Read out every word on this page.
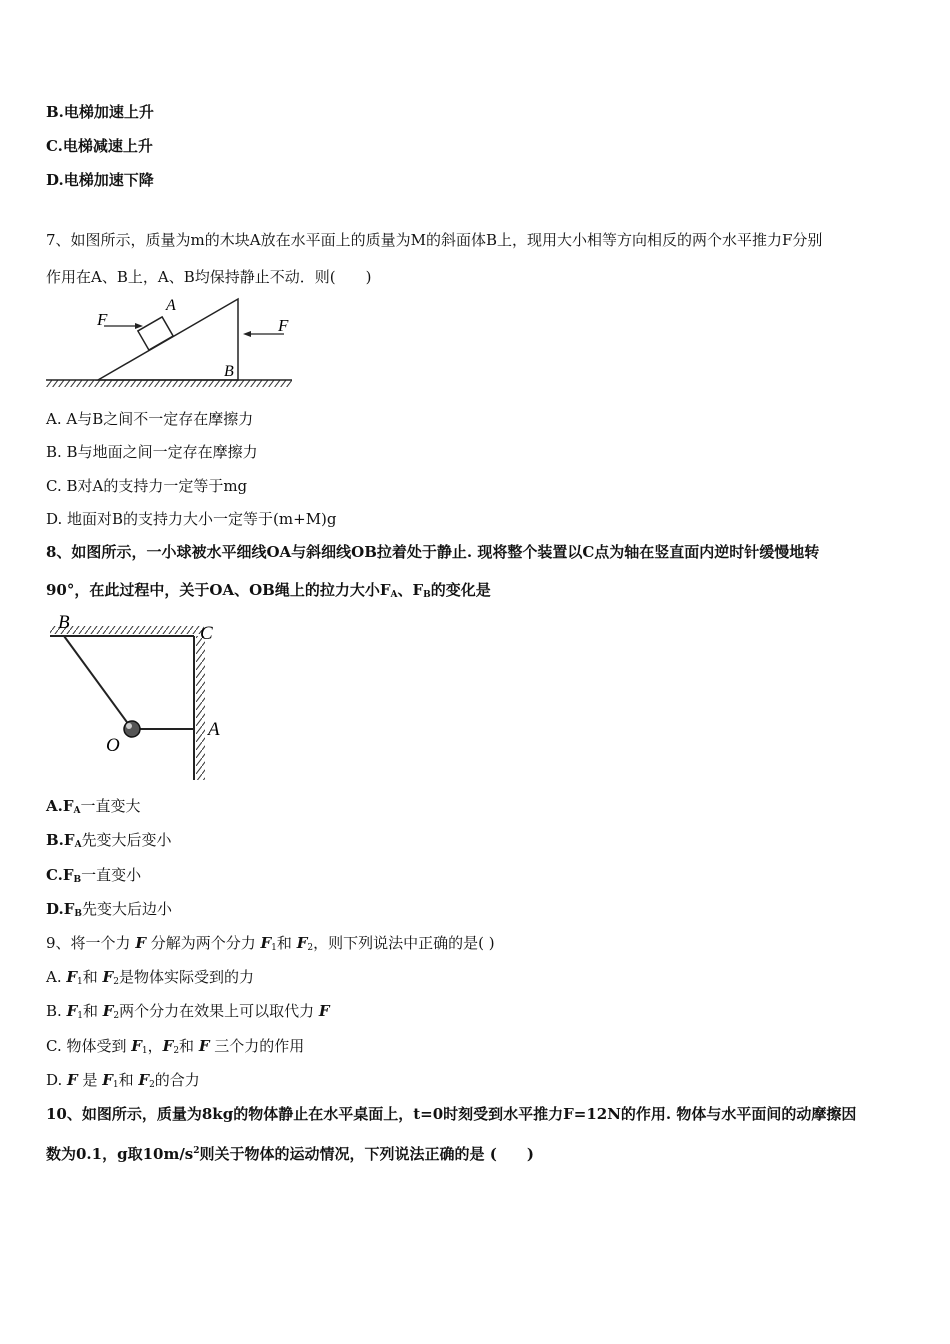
B.电梯加速上升
C.电梯减速上升
D.电梯加速下降
7、如图所示，质量为m的木块A放在水平面上的质量为M的斜面体B上，现用大小相等方向相反的两个水平推力F分别
作用在A、B上，A、B均保持静止不动．则(　　)
F
A
F
B
A. A与B之间不一定存在摩擦力
B. B与地面之间一定存在摩擦力
C. B对A的支持力一定等于mg
D. 地面对B的支持力大小一定等于(m+M)g
8、如图所示，一小球被水平细线OA与斜细线OB拉着处于静止. 现将整个装置以C点为轴在竖直面内逆时针缓慢地转
90°，在此过程中，关于OA、OB绳上的拉力大小$F_A$、$F_B$的变化是
B
C
O
A
$A.F_A$一直变大
$B.F_A$先变大后变小
$C.F_B$一直变小
$D.F_B$先变大后边小
9、将一个力 F 分解为两个分力 $F_1$和 $F_2$，则下列说法中正确的是( )
A. $F_1$和 $F_2$是物体实际受到的力
B. $F_1$和 $F_2$两个分力在效果上可以取代力 F
C. 物体受到 $F_1$，$F_2$和 F 三个力的作用
D. F 是 $F_1$和 $F_2$的合力
10、如图所示，质量为8kg的物体静止在水平桌面上，t=0时刻受到水平推力F=12N的作用. 物体与水平面间的动摩擦因
数为0.1，g取$10m/s^2$则关于物体的运动情况，下列说法正确的是 (　　)
